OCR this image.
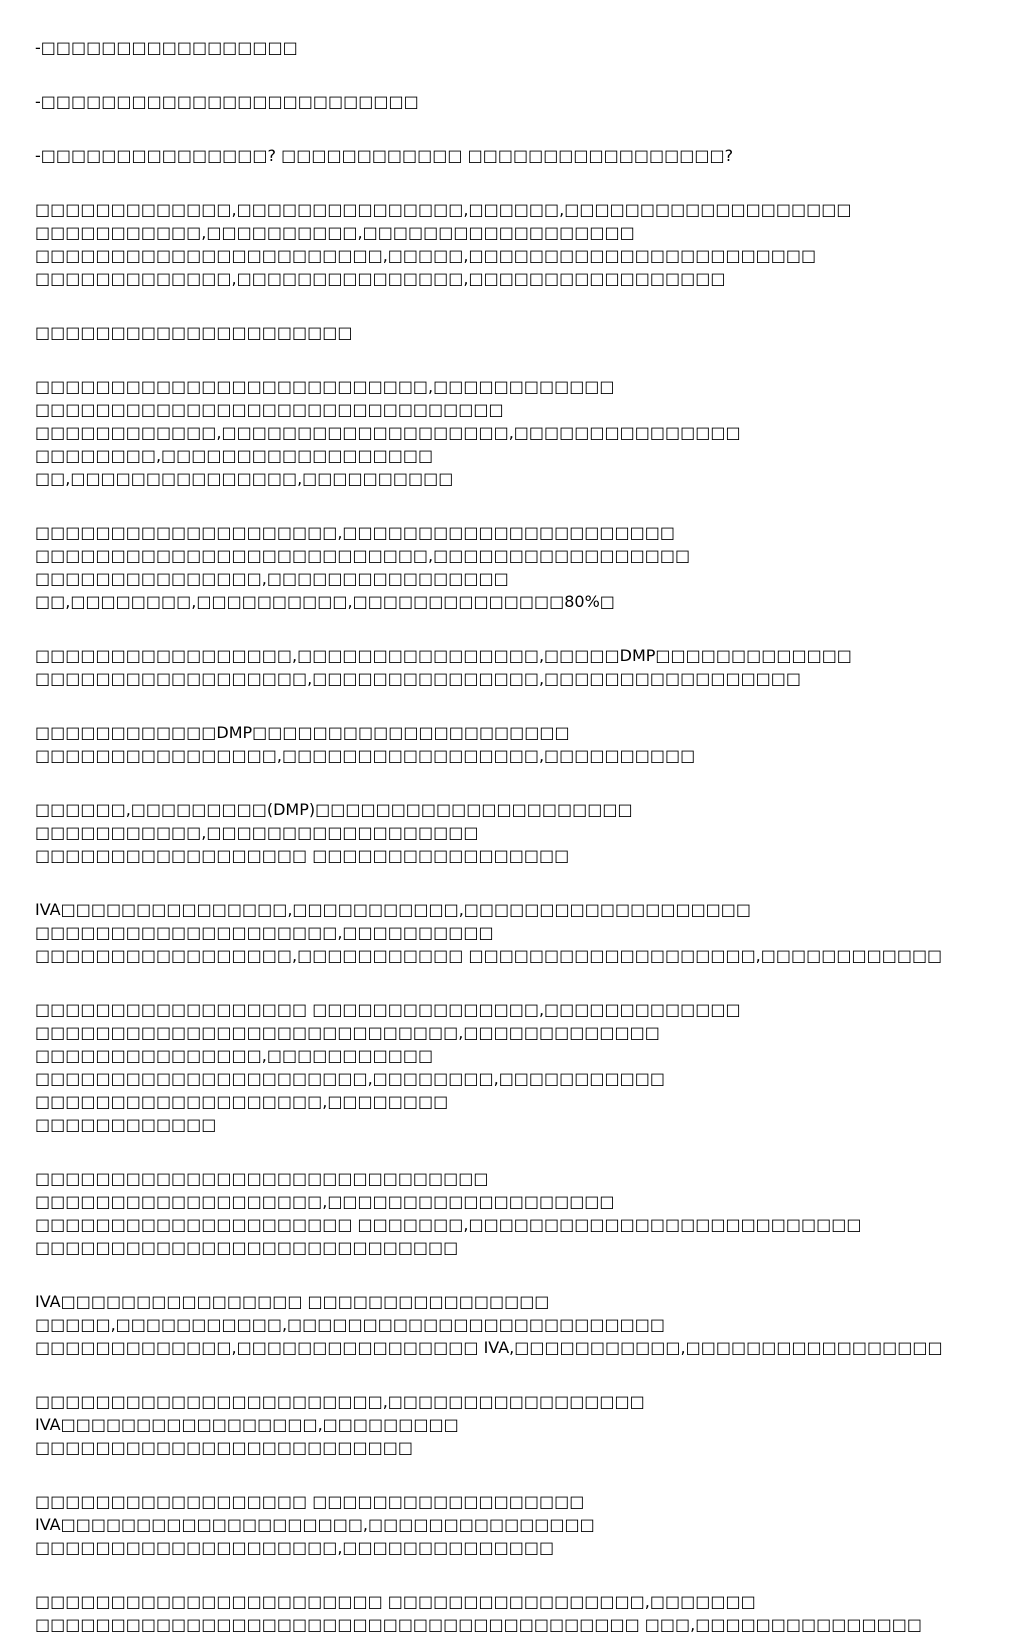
-□□□□□□□□□□□□□□□□□

-□□□□□□□□□□□□□□□□□□□□□□□□□

-□□□□□□□□□□□□□□□? □□□□□□□□□□□□ □□□□□□□□□□□□□□□□□?

□□□□□□□□□□□□□,□□□□□□□□□□□□□□□,□□□□□□,□□□□□□□□□□□□□□□□□□□
□□□□□□□□□□□,□□□□□□□□□□,□□□□□□□□□□□□□□□□□□ □□□□□□□□□□□□□□□□□□□□□□□,□□□□□,□□□□□□□□□□□□□□□□□□□□□□□
□□□□□□□□□□□□□,□□□□□□□□□□□□□□□,□□□□□□□□□□□□□□□□□

□□□□□□□□□□□□□□□□□□□□□

□□□□□□□□□□□□□□□□□□□□□□□□□□,□□□□□□□□□□□□ □□□□□□□□□□□□□□□□□□□□□□□□□□□□□□□
□□□□□□□□□□□□,□□□□□□□□□□□□□□□□□□□,□□□□□□□□□□□□□□□ □□□□□□□□,□□□□□□□□□□□□□□□□□□
□□,□□□□□□□□□□□□□□□,□□□□□□□□□□

□□□□□□□□□□□□□□□□□□□□,□□□□□□□□□□□□□□□□□□□□□□
□□□□□□□□□□□□□□□□□□□□□□□□□□,□□□□□□□□□□□□□□□□□ □□□□□□□□□□□□□□□,□□□□□□□□□□□□□□□□
□□,□□□□□□□□,□□□□□□□□□□,□□□□□□□□□□□□□□80%□

□□□□□□□□□□□□□□□□□,□□□□□□□□□□□□□□□□,□□□□□DMP□□□□□□□□□□□□□
□□□□□□□□□□□□□□□□□□,□□□□□□□□□□□□□□□,□□□□□□□□□□□□□□□□□

□□□□□□□□□□□□DMP□□□□□□□□□□□□□□□□□□□□□ □□□□□□□□□□□□□□□□,□□□□□□□□□□□□□□□□□,□□□□□□□□□□

□□□□□□,□□□□□□□□□(DMP)□□□□□□□□□□□□□□□□□□□□□ □□□□□□□□□□□,□□□□□□□□□□□□□□□□□□
□□□□□□□□□□□□□□□□□□ □□□□□□□□□□□□□□□□□

IVA□□□□□□□□□□□□□□□,□□□□□□□□□□□,□□□□□□□□□□□□□□□□□□□ □□□□□□□□□□□□□□□□□□□□,□□□□□□□□□□
□□□□□□□□□□□□□□□□□,□□□□□□□□□□□ □□□□□□□□□□□□□□□□□□□,□□□□□□□□□□□□

□□□□□□□□□□□□□□□□□□ □□□□□□□□□□□□□□□,□□□□□□□□□□□□□
□□□□□□□□□□□□□□□□□□□□□□□□□□□□,□□□□□□□□□□□□□ □□□□□□□□□□□□□□□,□□□□□□□□□□□
□□□□□□□□□□□□□□□□□□□□□□,□□□□□□□□,□□□□□□□□□□□ □□□□□□□□□□□□□□□□□□□,□□□□□□□□
□□□□□□□□□□□□

□□□□□□□□□□□□□□□□□□□□□□□□□□□□□□ □□□□□□□□□□□□□□□□□□□,□□□□□□□□□□□□□□□□□□□
□□□□□□□□□□□□□□□□□□□□□ □□□□□□□,□□□□□□□□□□□□□□□□□□□□□□□□□□
□□□□□□□□□□□□□□□□□□□□□□□□□□□□

IVA□□□□□□□□□□□□□□□□ □□□□□□□□□□□□□□□□ □□□□□,□□□□□□□□□□□,□□□□□□□□□□□□□□□□□□□□□□□□□
□□□□□□□□□□□□□,□□□□□□□□□□□□□□□□ IVA,□□□□□□□□□□□,□□□□□□□□□□□□□□□□□

□□□□□□□□□□□□□□□□□□□□□□□,□□□□□□□□□□□□□□□□□ IVA□□□□□□□□□□□□□□□□□,□□□□□□□□□
□□□□□□□□□□□□□□□□□□□□□□□□□

□□□□□□□□□□□□□□□□□□ □□□□□□□□□□□□□□□□□□ IVA□□□□□□□□□□□□□□□□□□□□,□□□□□□□□□□□□□□□
□□□□□□□□□□□□□□□□□□□□,□□□□□□□□□□□□□□

□□□□□□□□□□□□□□□□□□□□□□□ □□□□□□□□□□□□□□□□□,□□□□□□□
□□□□□□□□□□□□□□□□□□□□□□□□□□□□□□□□□□□□□□□□ □□□,□□□□□□□□□□□□□□□
